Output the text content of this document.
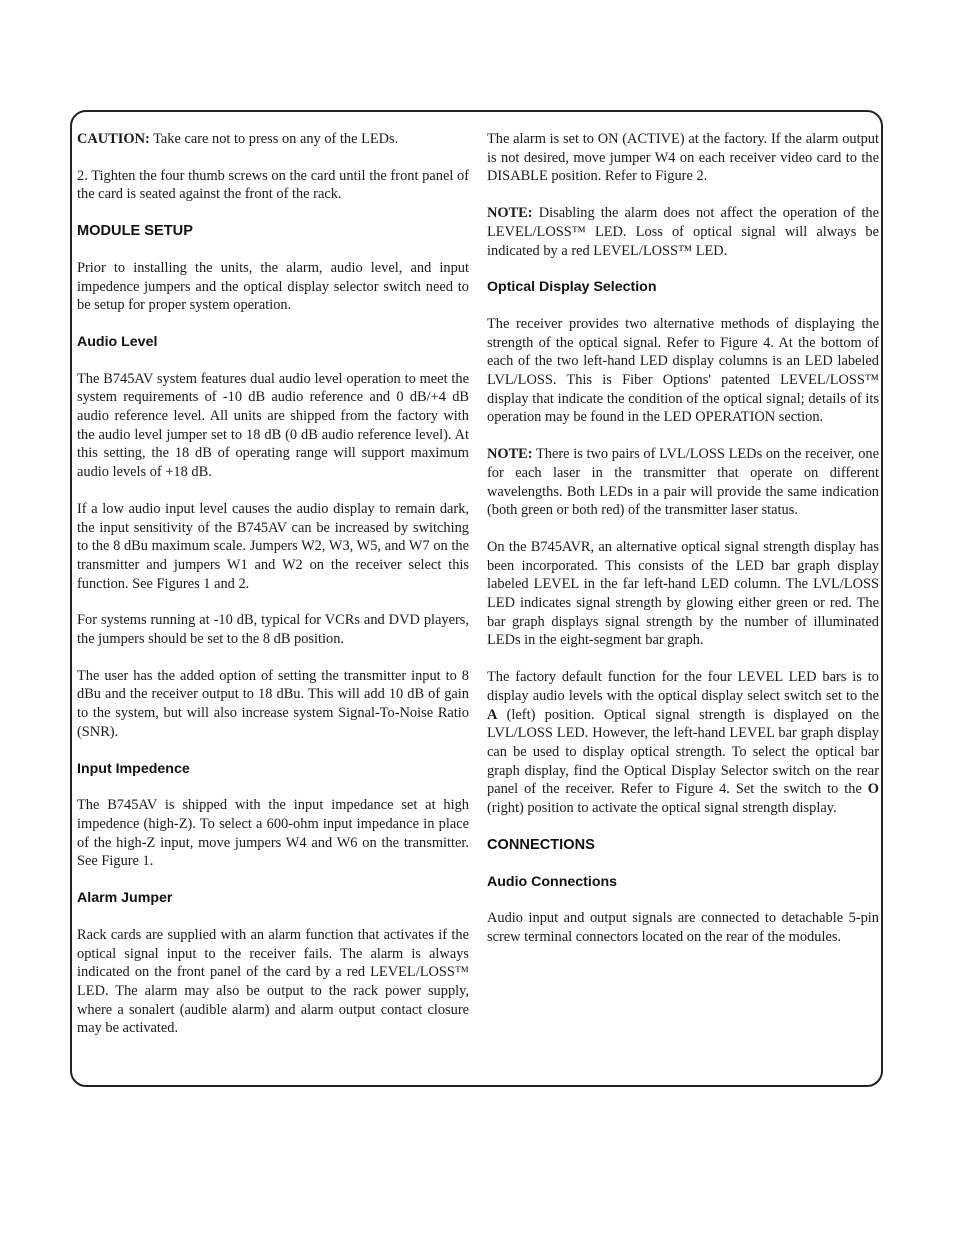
CAUTION: Take care not to press on any of the LEDs.

2. Tighten the four thumb screws on the card until the front panel of the card is seated against the front of the rack.

MODULE SETUP

Prior to installing the units, the alarm, audio level, and input impedence jumpers and the optical display selector switch need to be setup for proper system operation.

Audio Level

The B745AV system features dual audio level operation to meet the system requirements of -10 dB audio reference and 0 dB/+4 dB audio reference level. All units are shipped from the factory with the audio level jumper set to 18 dB (0 dB audio reference level). At this setting, the 18 dB of operating range will support maximum audio levels of +18 dB.

If a low audio input level causes the audio display to remain dark, the input sensitivity of the B745AV can be increased by switching to the 8 dBu maximum scale. Jumpers W2, W3, W5, and W7 on the transmitter and jumpers W1 and W2 on the receiver select this function. See Figures 1 and 2.

For systems running at -10 dB, typical for VCRs and DVD players, the jumpers should be set to the 8 dB position.

The user has the added option of setting the transmitter input to 8 dBu and the receiver output to 18 dBu. This will add 10 dB of gain to the system, but will also increase system Signal-To-Noise Ratio (SNR).

Input Impedence

The B745AV is shipped with the input impedance set at high impedence (high-Z). To select a 600-ohm input impedance in place of the high-Z input, move jumpers W4 and W6 on the transmitter. See Figure 1.

Alarm Jumper

Rack cards are supplied with an alarm function that activates if the optical signal input to the receiver fails. The alarm is always indicated on the front panel of the card by a red LEVEL/LOSS™ LED. The alarm may also be output to the rack power supply, where a sonalert (audible alarm) and alarm output contact closure may be activated.

The alarm is set to ON (ACTIVE) at the factory. If the alarm output is not desired, move jumper W4 on each receiver video card to the DISABLE position. Refer to Figure 2.

NOTE: Disabling the alarm does not affect the operation of the LEVEL/LOSS™ LED. Loss of optical signal will always be indicated by a red LEVEL/LOSS™ LED.

Optical Display Selection

The receiver provides two alternative methods of displaying the strength of the optical signal. Refer to Figure 4. At the bottom of each of the two left-hand LED display columns is an LED labeled LVL/LOSS. This is Fiber Options' patented LEVEL/LOSS™ display that indicate the condition of the optical signal; details of its operation may be found in the LED OPERATION section.

NOTE: There is two pairs of LVL/LOSS LEDs on the receiver, one for each laser in the transmitter that operate on different wavelengths. Both LEDs in a pair will provide the same indication (both green or both red) of the transmitter laser status.

On the B745AVR, an alternative optical signal strength display has been incorporated. This consists of the LED bar graph display labeled LEVEL in the far left-hand LED column. The LVL/LOSS LED indicates signal strength by glowing either green or red. The bar graph displays signal strength by the number of illuminated LEDs in the eight-segment bar graph.

The factory default function for the four LEVEL LED bars is to display audio levels with the optical display select switch set to the A (left) position. Optical signal strength is displayed on the LVL/LOSS LED. However, the left-hand LEVEL bar graph display can be used to display optical strength. To select the optical bar graph display, find the Optical Display Selector switch on the rear panel of the receiver. Refer to Figure 4. Set the switch to the O (right) position to activate the optical signal strength display.

CONNECTIONS
Audio Connections

Audio input and output signals are connected to detachable 5-pin screw terminal connectors located on the rear of the modules.
